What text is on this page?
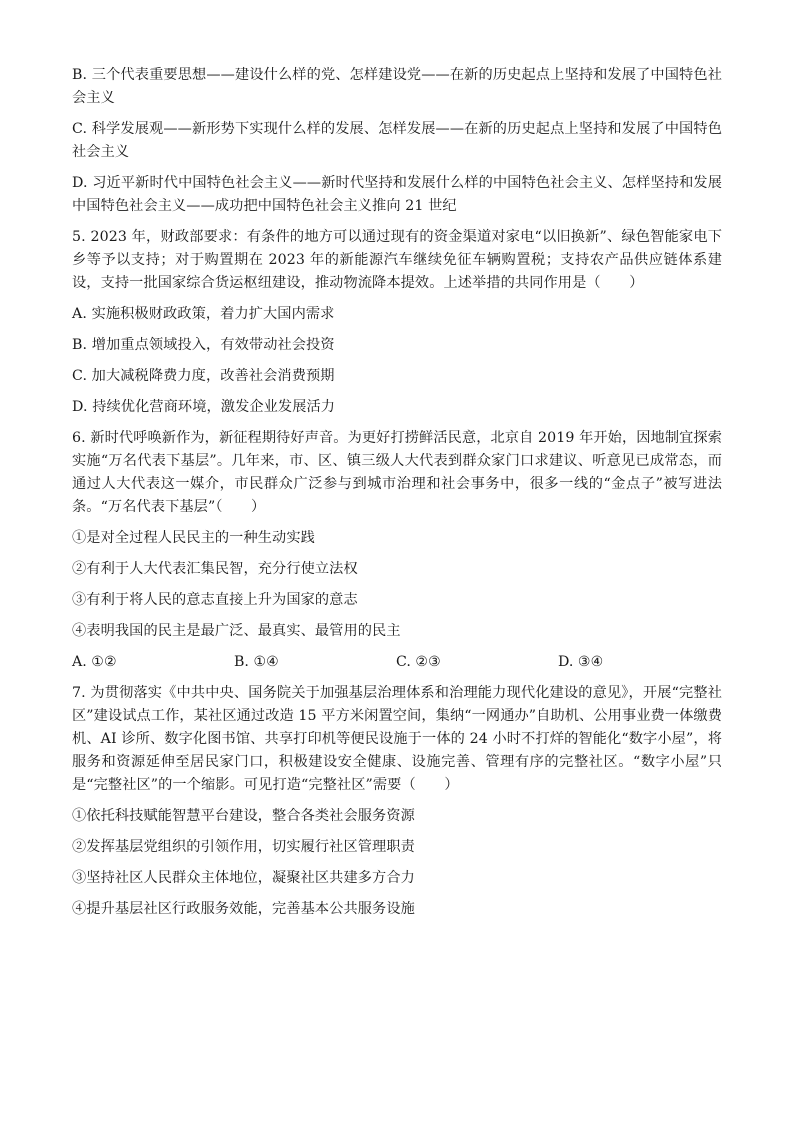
B. 三个代表重要思想——建设什么样的党、怎样建设党——在新的历史起点上坚持和发展了中国特色社会主义

C. 科学发展观——新形势下实现什么样的发展、怎样发展——在新的历史起点上坚持和发展了中国特色社会主义

D. 习近平新时代中国特色社会主义——新时代坚持和发展什么样的中国特色社会主义、怎样坚持和发展中国特色社会主义——成功把中国特色社会主义推向 21 世纪

5. 2023 年，财政部要求：有条件的地方可以通过现有的资金渠道对家电“以旧换新”、绿色智能家电下乡等予以支持；对于购置期在 2023 年的新能源汽车继续免征车辆购置税；支持农产品供应链体系建设，支持一批国家综合货运枢纽建设，推动物流降本提效。上述举措的共同作用是（　　）

A. 实施积极财政政策，着力扩大国内需求

B. 增加重点领域投入，有效带动社会投资

C. 加大减税降费力度，改善社会消费预期

D. 持续优化营商环境，激发企业发展活力

6. 新时代呼唤新作为，新征程期待好声音。为更好打捞鲜活民意，北京自 2019 年开始，因地制宜探索实施“万名代表下基层”。几年来，市、区、镇三级人大代表到群众家门口求建议、听意见已成常态，而通过人大代表这一媒介，市民群众广泛参与到城市治理和社会事务中，很多一线的“金点子”被写进法条。“万名代表下基层”（　　）

①是对全过程人民民主的一种生动实践

②有利于人大代表汇集民智，充分行使立法权

③有利于将人民的意志直接上升为国家的意志

④表明我国的民主是最广泛、最真实、最管用的民主

A. ①②	B. ①④	C. ②③	D. ③④

7. 为贯彻落实《中共中央、国务院关于加强基层治理体系和治理能力现代化建设的意见》，开展“完整社区”建设试点工作，某社区通过改造 15 平方米闲置空间，集纳“一网通办”自助机、公用事业费一体缴费机、AI 诊所、数字化图书馆、共享打印机等便民设施于一体的 24 小时不打烊的智能化“数字小屋”，将服务和资源延伸至居民家门口，积极建设安全健康、设施完善、管理有序的完整社区。“数字小屋”只是“完整社区”的一个缩影。可见打造“完整社区”需要（　　）

①依托科技赋能智慧平台建设，整合各类社会服务资源

②发挥基层党组织的引领作用，切实履行社区管理职责

③坚持社区人民群众主体地位，凝聚社区共建多方合力

④提升基层社区行政服务效能，完善基本公共服务设施
